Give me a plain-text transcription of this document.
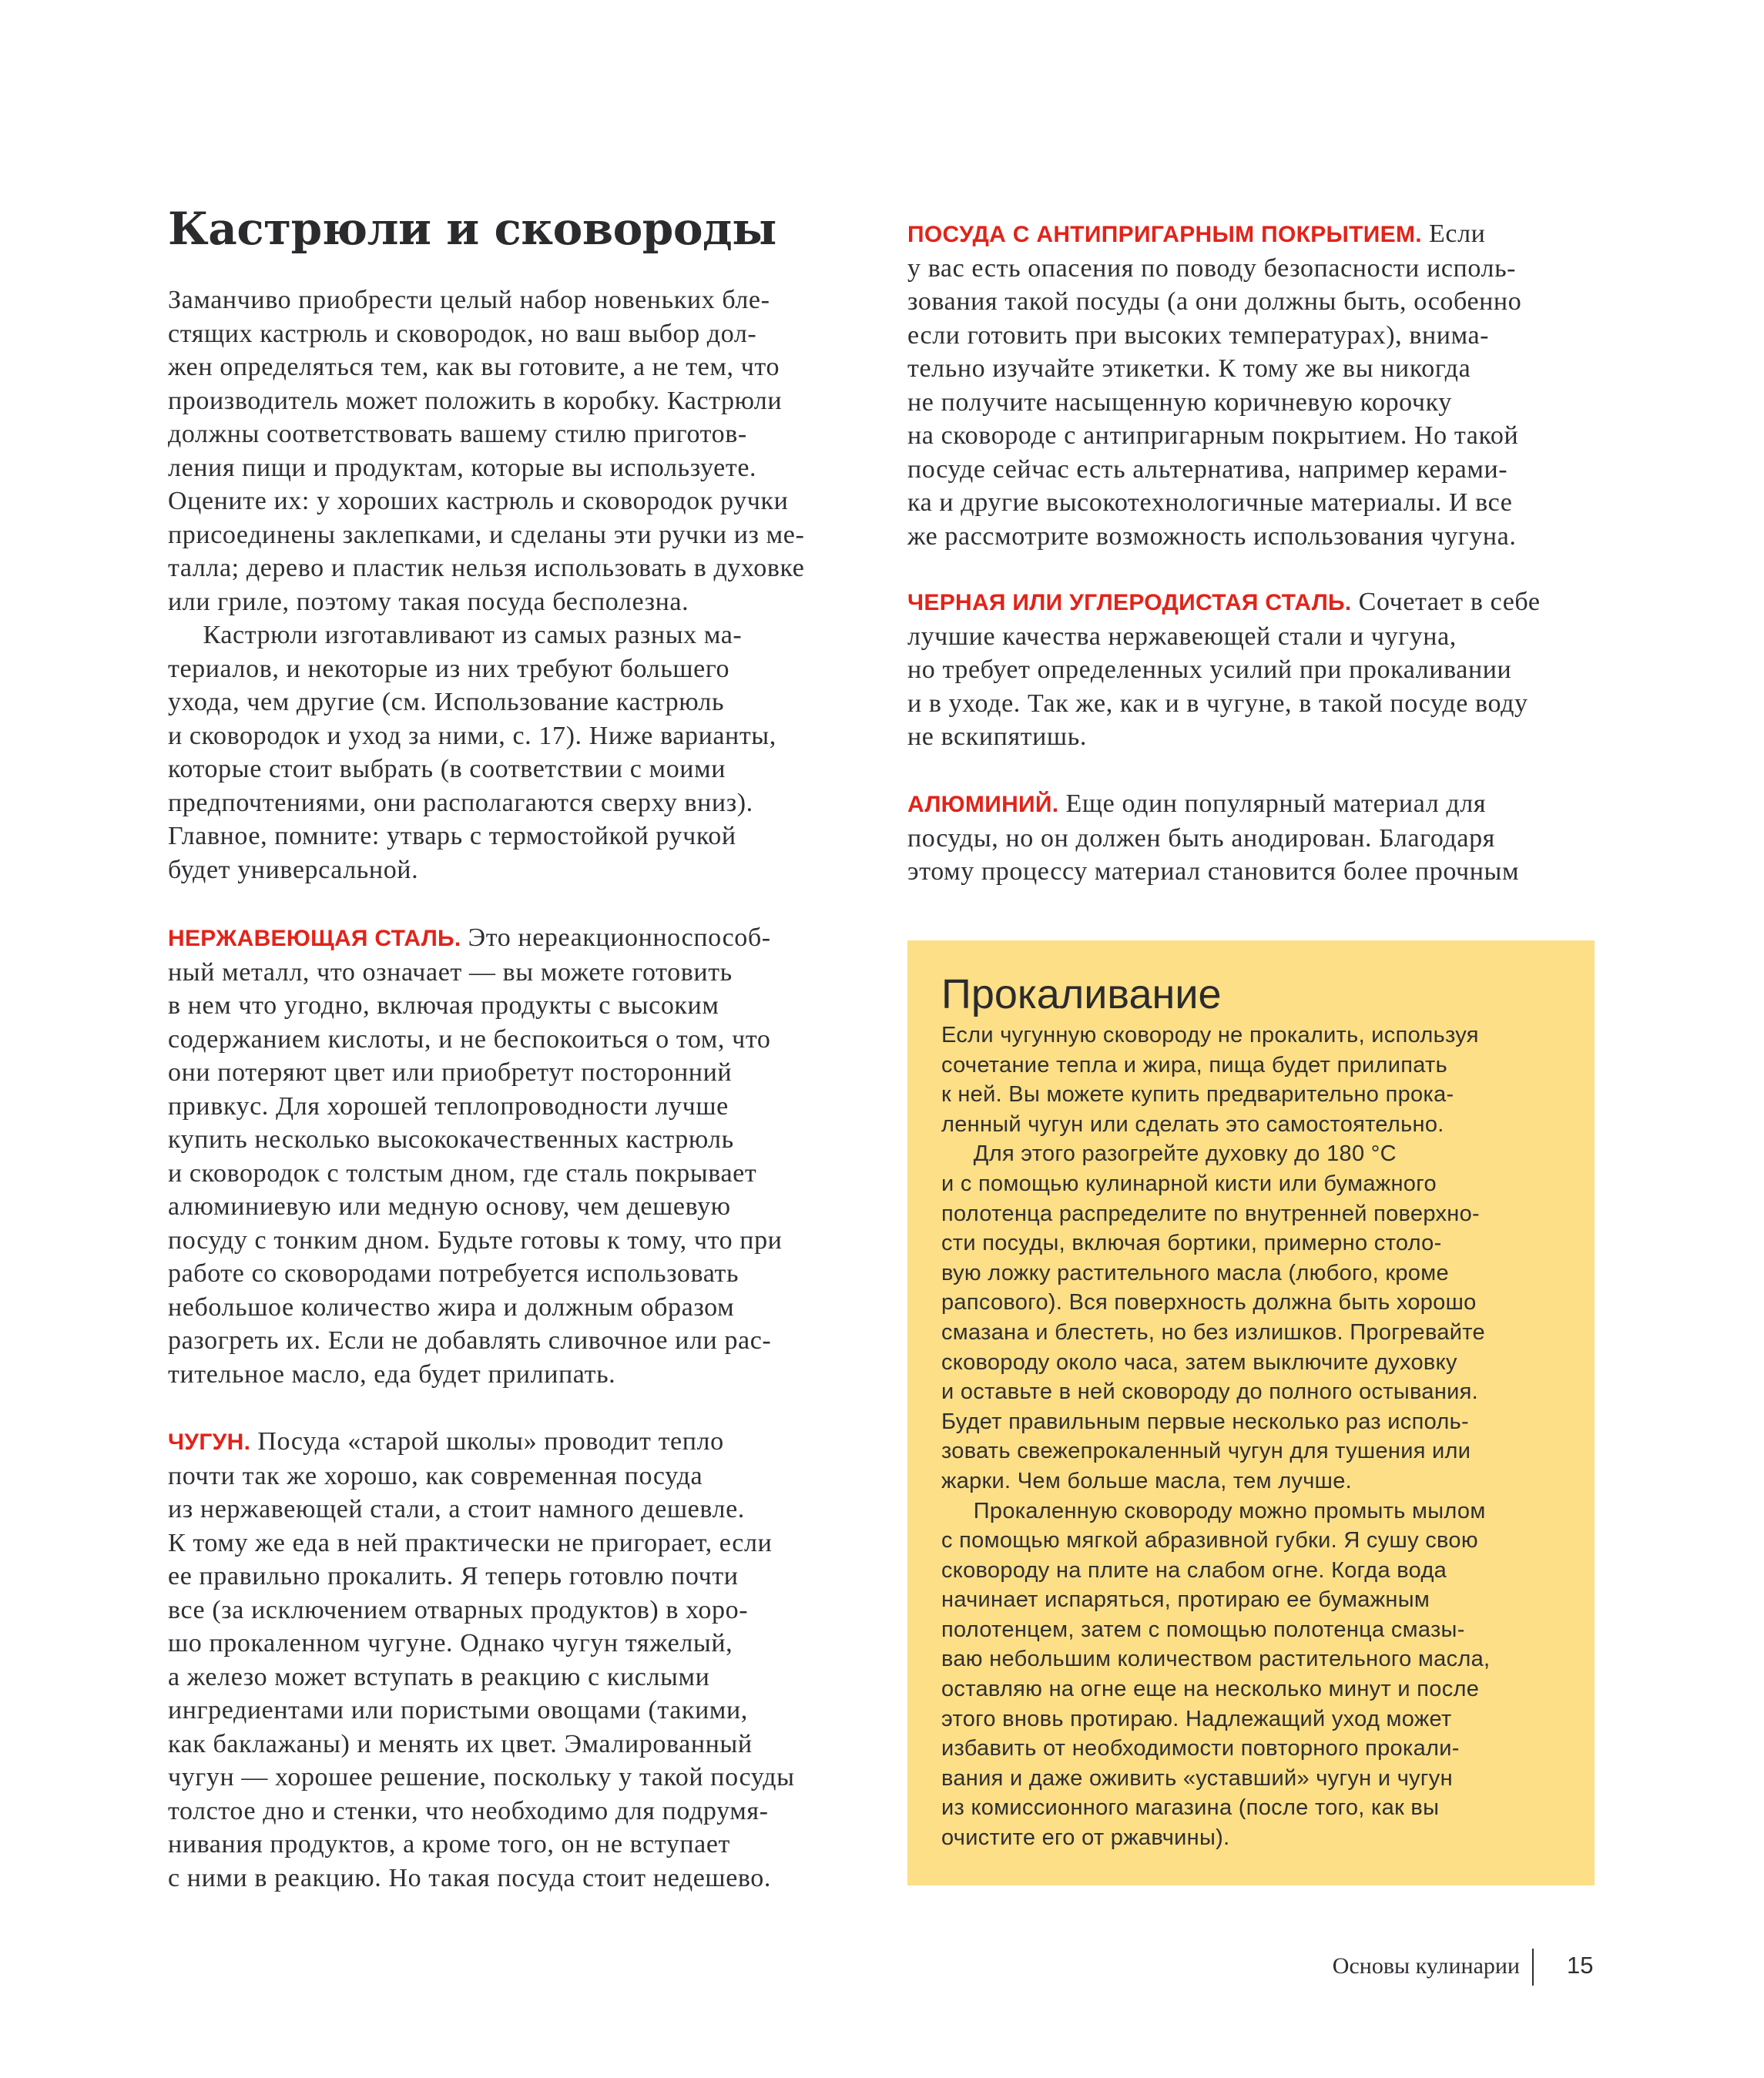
Кастрюли и сковороды

Заманчиво приобрести целый набор новеньких бле-
стящих кастрюль и сковородок, но ваш выбор дол-
жен определяться тем, как вы готовите, а не тем, что
производитель может положить в коробку. Кастрюли
должны соответствовать вашему стилю приготов-
ления пищи и продуктам, которые вы используете.
Оцените их: у хороших кастрюль и сковородок ручки
присоединены заклепками, и сделаны эти ручки из ме-
талла; дерево и пластик нельзя использовать в духовке
или гриле, поэтому такая посуда бесполезна.

Кастрюли изготавливают из самых разных ма-
териалов, и некоторые из них требуют большего
ухода, чем другие (см. Использование кастрюль
и сковородок и уход за ними, с. 17). Ниже варианты,
которые стоит выбрать (в соответствии с моими
предпочтениями, они располагаются сверху вниз).
Главное, помните: утварь с термостойкой ручкой
будет универсальной.

НЕРЖАВЕЮЩАЯ СТАЛЬ. Это нереакционноспособ-
ный металл, что означает — вы можете готовить
в нем что угодно, включая продукты с высоким
содержанием кислоты, и не беспокоиться о том, что
они потеряют цвет или приобретут посторонний
привкус. Для хорошей теплопроводности лучше
купить несколько высококачественных кастрюль
и сковородок с толстым дном, где сталь покрывает
алюминиевую или медную основу, чем дешевую
посуду с тонким дном. Будьте готовы к тому, что при
работе со сковородами потребуется использовать
небольшое количество жира и должным образом
разогреть их. Если не добавлять сливочное или рас-
тительное масло, еда будет прилипать.

ЧУГУН. Посуда «старой школы» проводит тепло
почти так же хорошо, как современная посуда
из нержавеющей стали, а стоит намного дешевле.
К тому же еда в ней практически не пригорает, если
ее правильно прокалить. Я теперь готовлю почти
все (за исключением отварных продуктов) в хоро-
шо прокаленном чугуне. Однако чугун тяжелый,
а железо может вступать в реакцию с кислыми
ингредиентами или пористыми овощами (такими,
как баклажаны) и менять их цвет. Эмалированный
чугун — хорошее решение, поскольку у такой посуды
толстое дно и стенки, что необходимо для подрумя-
нивания продуктов, а кроме того, он не вступает
с ними в реакцию. Но такая посуда стоит недешево.

ПОСУДА С АНТИПРИГАРНЫМ ПОКРЫТИЕМ. Если
у вас есть опасения по поводу безопасности исполь-
зования такой посуды (а они должны быть, особенно
если готовить при высоких температурах), внима-
тельно изучайте этикетки. К тому же вы никогда
не получите насыщенную коричневую корочку
на сковороде с антипригарным покрытием. Но такой
посуде сейчас есть альтернатива, например керами-
ка и другие высокотехнологичные материалы. И все
же рассмотрите возможность использования чугуна.

ЧЕРНАЯ ИЛИ УГЛЕРОДИСТАЯ СТАЛЬ. Сочетает в себе
лучшие качества нержавеющей стали и чугуна,
но требует определенных усилий при прокаливании
и в уходе. Так же, как и в чугуне, в такой посуде воду
не вскипятишь.

АЛЮМИНИЙ. Еще один популярный материал для
посуды, но он должен быть анодирован. Благодаря
этому процессу материал становится более прочным

Прокаливание

Если чугунную сковороду не прокалить, используя
сочетание тепла и жира, пища будет прилипать
к ней. Вы можете купить предварительно прока-
ленный чугун или сделать это самостоятельно.
Для этого разогрейте духовку до 180 °C
и с помощью кулинарной кисти или бумажного
полотенца распределите по внутренней поверхно-
сти посуды, включая бортики, примерно столо-
вую ложку растительного масла (любого, кроме
рапсового). Вся поверхность должна быть хорошо
смазана и блестеть, но без излишков. Прогревайте
сковороду около часа, затем выключите духовку
и оставьте в ней сковороду до полного остывания.
Будет правильным первые несколько раз исполь-
зовать свежепрокаленный чугун для тушения или
жарки. Чем больше масла, тем лучше.
Прокаленную сковороду можно промыть мылом
с помощью мягкой абразивной губки. Я сушу свою
сковороду на плите на слабом огне. Когда вода
начинает испаряться, протираю ее бумажным
полотенцем, затем с помощью полотенца смазы-
ваю небольшим количеством растительного масла,
оставляю на огне еще на несколько минут и после
этого вновь протираю. Надлежащий уход может
избавить от необходимости повторного прокали-
вания и даже оживить «уставший» чугун и чугун
из комиссионного магазина (после того, как вы
очистите его от ржавчины).

Основы кулинарии 15
